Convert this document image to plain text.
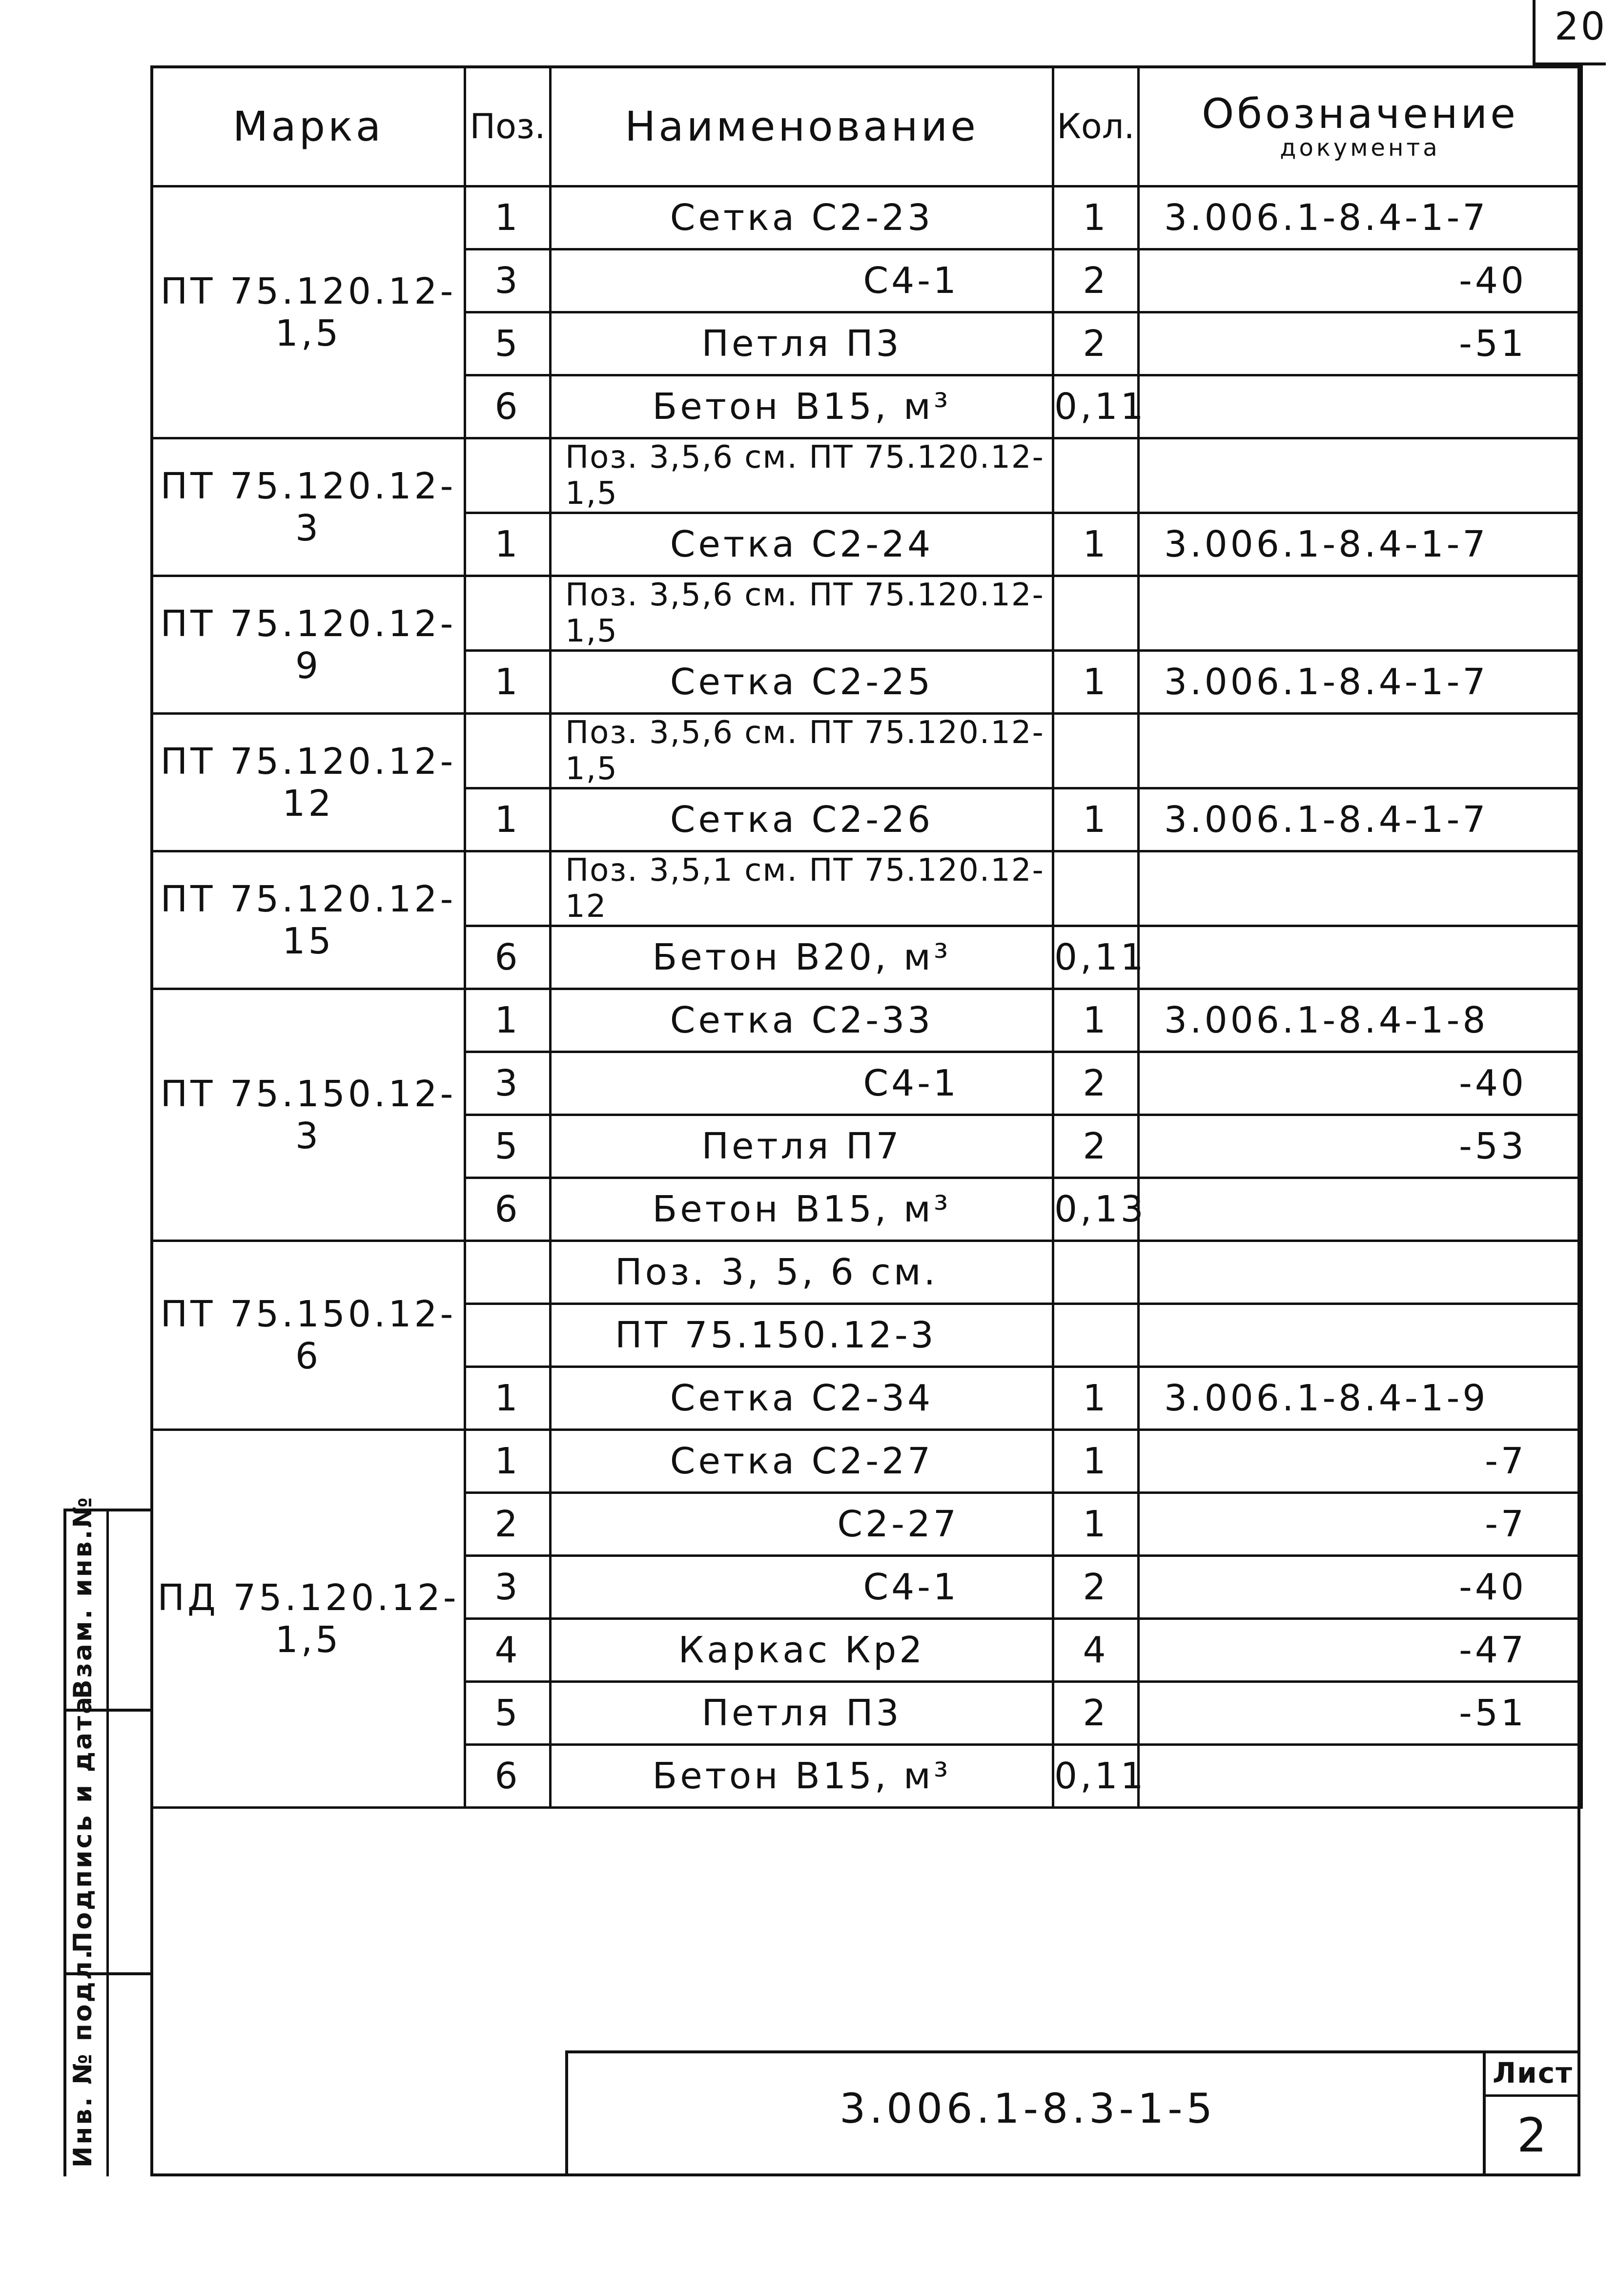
20
Марка	Поз.	Наименование	Кол.	Обозначение
документа

ПТ 75.120.12-1,5	1	Сетка С2-23	1	3.006.1-8.4-1-7
	3	С4-1	2	-40
	5	Петля П3	2	-51
	6	Бетон В15, м³	0,11	
ПТ 75.120.12-3		Поз. 3,5,6 см. ПТ 75.120.12-1,5		
	1	Сетка С2-24	1	3.006.1-8.4-1-7
ПТ 75.120.12-9		Поз. 3,5,6 см. ПТ 75.120.12-1,5		
	1	Сетка С2-25	1	3.006.1-8.4-1-7
ПТ 75.120.12-12		Поз. 3,5,6 см. ПТ 75.120.12-1,5		
	1	Сетка С2-26	1	3.006.1-8.4-1-7
ПТ 75.120.12-15		Поз. 3,5,1 см. ПТ 75.120.12-12		
	6	Бетон В20, м³	0,11	
ПТ 75.150.12-3	1	Сетка С2-33	1	3.006.1-8.4-1-8
	3	С4-1	2	-40
	5	Петля П7	2	-53
	6	Бетон В15, м³	0,13	
ПТ 75.150.12-6		Поз. 3, 5, 6 см.		
		ПТ 75.150.12-3		
	1	Сетка С2-34	1	3.006.1-8.4-1-9
ПД 75.120.12-1,5	1	Сетка С2-27	1	-7
	2	С2-27	1	-7
	3	С4-1	2	-40
	4	Каркас Кр2	4	-47
	5	Петля П3	2	-51
	6	Бетон В15, м³	0,11	
Взам. инв.№
Подпись и дата
Инв. № подл.	3.006.1-8.3-1-5
Лист
2
